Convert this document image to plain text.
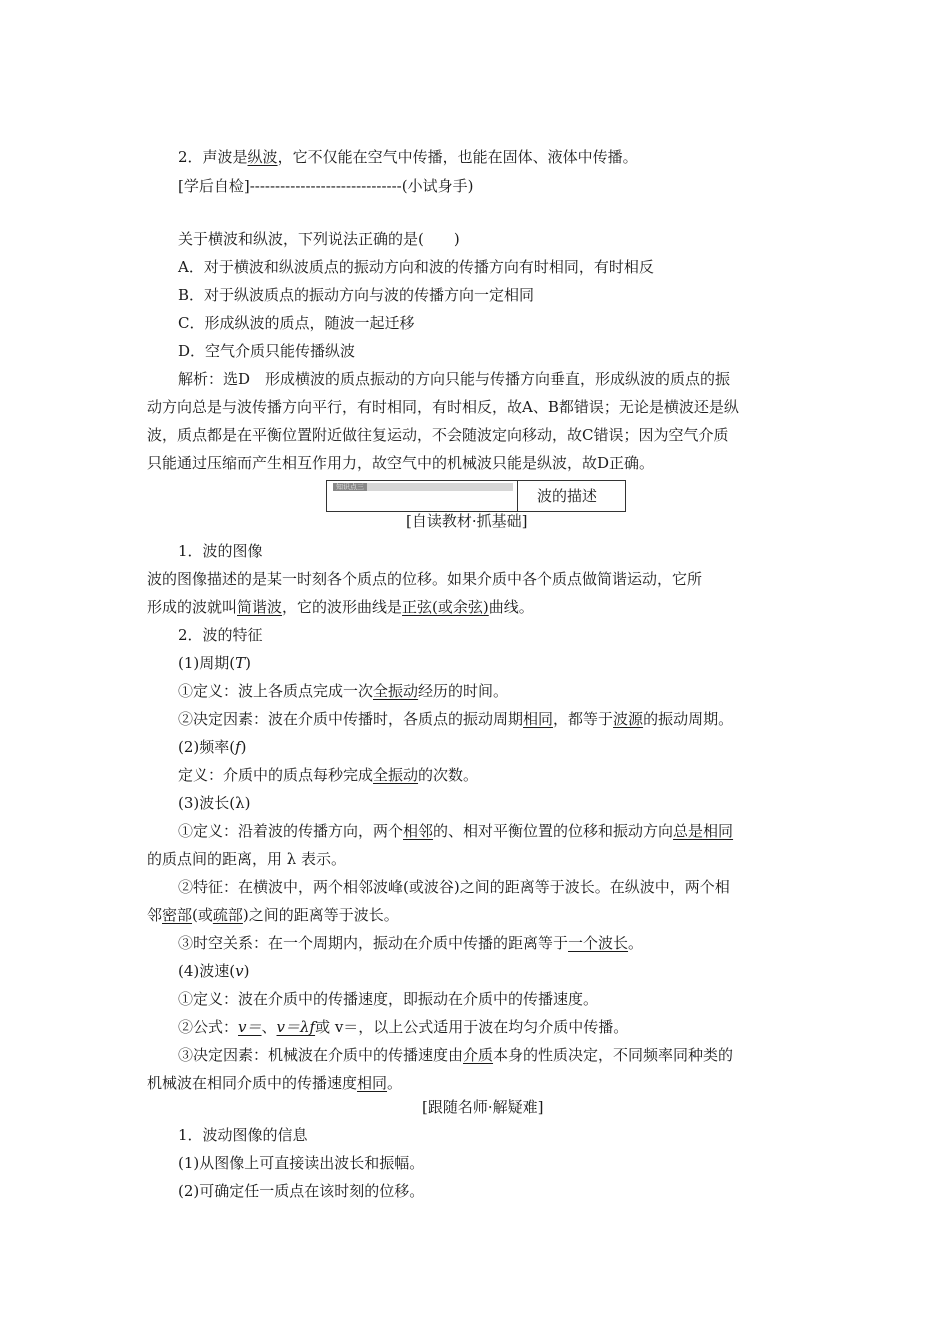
2．声波是纵波，它不仅能在空气中传播，也能在固体、液体中传播。
[学后自检]------------------------------(小试身手)
关于横波和纵波，下列说法正确的是(　　)
A．对于横波和纵波质点的振动方向和波的传播方向有时相同，有时相反
B．对于纵波质点的振动方向与波的传播方向一定相同
C．形成纵波的质点，随波一起迁移
D．空气介质只能传播纵波
解析：选D　形成横波的质点振动的方向只能与传播方向垂直，形成纵波的质点的振
动方向总是与波传播方向平行，有时相同，有时相反，故A、B都错误；无论是横波还是纵
波，质点都是在平衡位置附近做往复运动，不会随波定向移动，故C错误；因为空气介质
只能通过压缩而产生相互作用力，故空气中的机械波只能是纵波，故D正确。
知识点三	波的描述
[自读教材·抓基础]
1．波的图像
波的图像描述的是某一时刻各个质点的位移。如果介质中各个质点做简谐运动，它所
形成的波就叫简谐波，它的波形曲线是正弦(或余弦)曲线。
2．波的特征
(1)周期(T)
①定义：波上各质点完成一次全振动经历的时间。
②决定因素：波在介质中传播时，各质点的振动周期相同，都等于波源的振动周期。
(2)频率(f)
定义：介质中的质点每秒完成全振动的次数。
(3)波长(λ)
①定义：沿着波的传播方向，两个相邻的、相对平衡位置的位移和振动方向总是相同
的质点间的距离，用 λ 表示。
②特征：在横波中，两个相邻波峰(或波谷)之间的距离等于波长。在纵波中，两个相
邻密部(或疏部)之间的距离等于波长。
③时空关系：在一个周期内，振动在介质中传播的距离等于一个波长。
(4)波速(v)
①定义：波在介质中的传播速度，即振动在介质中的传播速度。
②公式：v＝、v＝λf或 v＝，以上公式适用于波在均匀介质中传播。
③决定因素：机械波在介质中的传播速度由介质本身的性质决定，不同频率同种类的
机械波在相同介质中的传播速度相同。
[跟随名师·解疑难]
1．波动图像的信息
(1)从图像上可直接读出波长和振幅。
(2)可确定任一质点在该时刻的位移。
